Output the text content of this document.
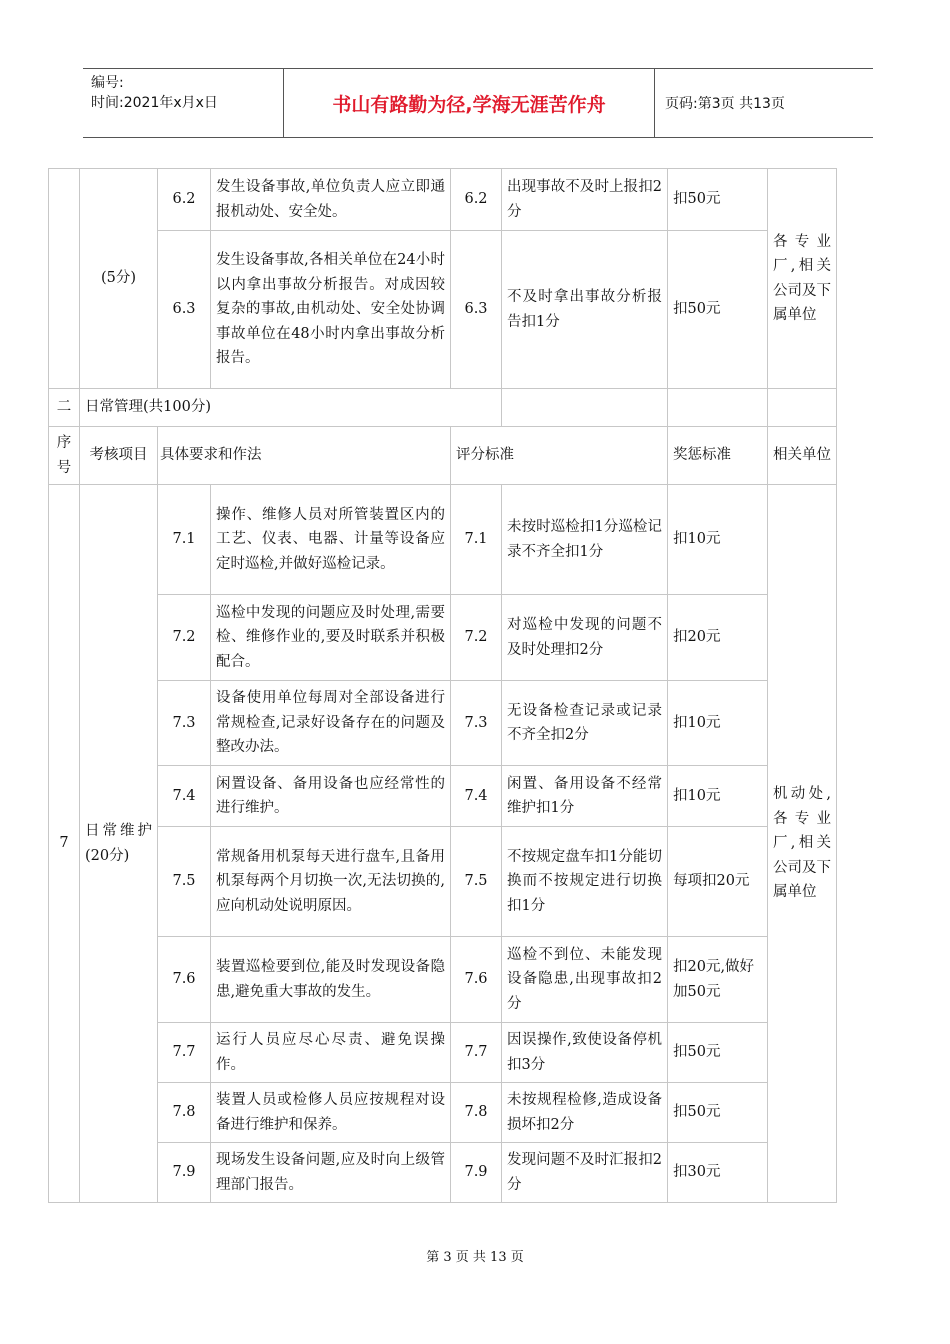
编号:
时间:2021年x月x日	书山有路勤为径,学海无涯苦作舟	页码:第3页 共13页
	(5分)	6.2	发生设备事故,单位负责人应立即通报机动处、安全处。	6.2	出现事故不及时上报扣2分	扣50元	各专业厂,相关公司及下属单位
		6.3	发生设备事故,各相关单位在24小时以内拿出事故分析报告。对成因较复杂的事故,由机动处、安全处协调事故单位在48小时内拿出事故分析报告。	6.3	不及时拿出事故分析报告扣1分	扣50元	
二	日常管理(共100分)						
序号	考核项目	具体要求和作法		评分标准		奖惩标准	相关单位
7	日常维护(20分)	7.1	操作、维修人员对所管装置区内的工艺、仪表、电器、计量等设备应定时巡检,并做好巡检记录。	7.1	未按时巡检扣1分巡检记录不齐全扣1分	扣10元	机动处,各专业厂,相关公司及下属单位
		7.2	巡检中发现的问题应及时处理,需要检、维修作业的,要及时联系并积极配合。	7.2	对巡检中发现的问题不及时处理扣2分	扣20元	
		7.3	设备使用单位每周对全部设备进行常规检查,记录好设备存在的问题及整改办法。	7.3	无设备检查记录或记录不齐全扣2分	扣10元	
		7.4	闲置设备、备用设备也应经常性的进行维护。	7.4	闲置、备用设备不经常维护扣1分	扣10元	
		7.5	常规备用机泵每天进行盘车,且备用机泵每两个月切换一次,无法切换的,应向机动处说明原因。	7.5	不按规定盘车扣1分能切换而不按规定进行切换扣1分	每项扣20元	
		7.6	装置巡检要到位,能及时发现设备隐患,避免重大事故的发生。	7.6	巡检不到位、未能发现设备隐患,出现事故扣2分	扣20元,做好加50元	
		7.7	运行人员应尽心尽责、避免误操作。	7.7	因误操作,致使设备停机扣3分	扣50元	
		7.8	装置人员或检修人员应按规程对设备进行维护和保养。	7.8	未按规程检修,造成设备损坏扣2分	扣50元	
		7.9	现场发生设备问题,应及时向上级管理部门报告。	7.9	发现问题不及时汇报扣2分	扣30元	
第 3 页 共 13 页
